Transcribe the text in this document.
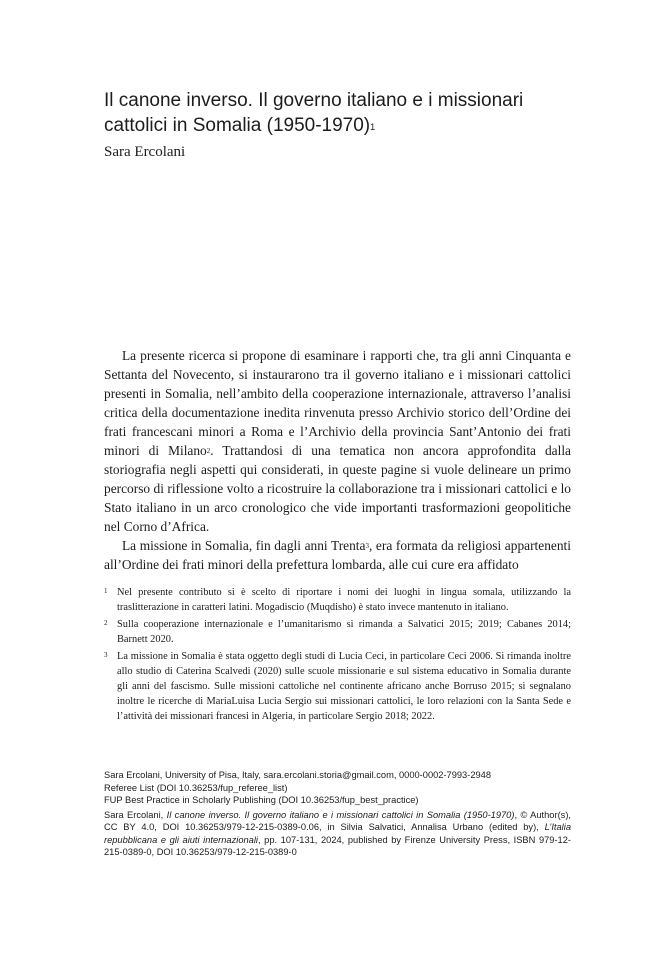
Il canone inverso. Il governo italiano e i missionari cattolici in Somalia (1950-1970)$^1$
Sara Ercolani

La presente ricerca si propone di esaminare i rapporti che, tra gli anni Cinquanta e Settanta del Novecento, si instaurarono tra il governo italiano e i missionari cattolici presenti in Somalia, nell’ambito della cooperazione internazionale, attraverso l’analisi critica della documentazione inedita rinvenuta presso Archivio storico dell’Ordine dei frati francescani minori a Roma e l’Archivio della provincia Sant’Antonio dei frati minori di Milano$^2$. Trattandosi di una tematica non ancora approfondita dalla storiografia negli aspetti qui considerati, in queste pagine si vuole delineare un primo percorso di riflessione volto a ricostruire la collaborazione tra i missionari cattolici e lo Stato italiano in un arco cronologico che vide importanti trasformazioni geopolitiche nel Corno d’Africa.

La missione in Somalia, fin dagli anni Trenta$^3$, era formata da religiosi appartenenti all’Ordine dei frati minori della prefettura lombarda, alle cui cure era affidato

1 Nel presente contributo si è scelto di riportare i nomi dei luoghi in lingua somala, utilizzando la traslitterazione in caratteri latini. Mogadiscio (Muqdisho) è stato invece mantenuto in italiano.
2 Sulla cooperazione internazionale e l’umanitarismo si rimanda a Salvatici 2015; 2019; Cabanes 2014; Barnett 2020.
3 La missione in Somalia è stata oggetto degli studi di Lucia Ceci, in particolare Ceci 2006. Si rimanda inoltre allo studio di Caterina Scalvedi (2020) sulle scuole missionarie e sul sistema educativo in Somalia durante gli anni del fascismo. Sulle missioni cattoliche nel continente africano anche Borruso 2015; si segnalano inoltre le ricerche di MariaLuisa Lucia Sergio sui missionari cattolici, le loro relazioni con la Santa Sede e l’attività dei missionari francesi in Algeria, in particolare Sergio 2018; 2022.
Sara Ercolani, University of Pisa, Italy, sara.ercolani.storia@gmail.com, 0000-0002-7993-2948
Referee List (DOI 10.36253/fup_referee_list)
FUP Best Practice in Scholarly Publishing (DOI 10.36253/fup_best_practice)
Sara Ercolani, Il canone inverso. Il governo italiano e i missionari cattolici in Somalia (1950-1970), © Author(s), CC BY 4.0, DOI 10.36253/979-12-215-0389-0.06, in Silvia Salvatici, Annalisa Urbano (edited by), L’Italia repubblicana e gli aiuti internazionali, pp. 107-131, 2024, published by Firenze University Press, ISBN 979-12-215-0389-0, DOI 10.36253/979-12-215-0389-0
